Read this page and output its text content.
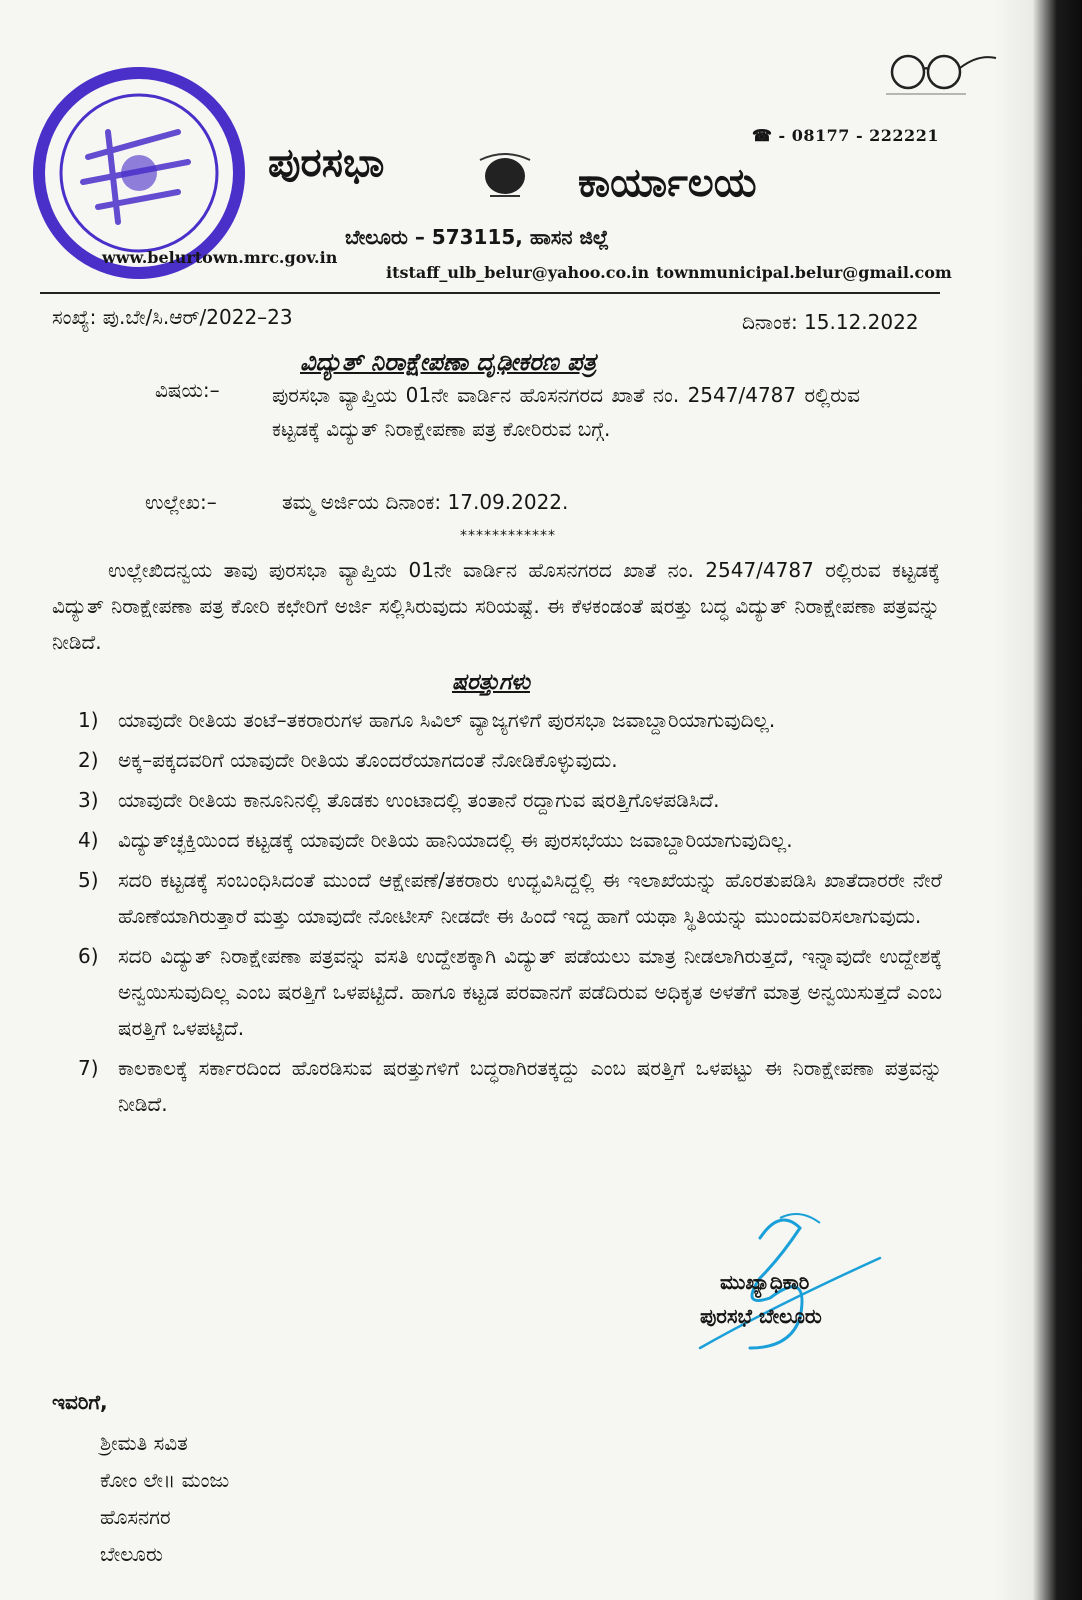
☎ - 08177 - 222221
ಪುರಸಭಾ	ಕಾರ್ಯಾಲಯ
ಬೇಲೂರು – 573115, ಹಾಸನ ಜಿಲ್ಲೆ
www.belurtown.mrc.gov.in
itstaff_ulb_belur@yahoo.co.in townmunicipal.belur@gmail.com
ಸಂಖ್ಯೆ: ಪು.ಬೇ/ಸಿ.ಆರ್/2022–23	ದಿನಾಂಕ: 15.12.2022
ವಿದ್ಯುತ್ ನಿರಾಕ್ಷೇಪಣಾ ದೃಢೀಕರಣ ಪತ್ರ
ವಿಷಯ:–	ಪುರಸಭಾ ವ್ಯಾಪ್ತಿಯ 01ನೇ ವಾರ್ಡಿನ ಹೊಸನಗರದ ಖಾತೆ ನಂ. 2547/4787 ರಲ್ಲಿರುವ ಕಟ್ಟಡಕ್ಕೆ ವಿದ್ಯುತ್ ನಿರಾಕ್ಷೇಪಣಾ ಪತ್ರ ಕೋರಿರುವ ಬಗ್ಗೆ.
ಉಲ್ಲೇಖ:–	ತಮ್ಮ ಅರ್ಜಿಯ ದಿನಾಂಕ: 17.09.2022.
************
ಉಲ್ಲೇಖಿದನ್ವಯ ತಾವು ಪುರಸಭಾ ವ್ಯಾಪ್ತಿಯ 01ನೇ ವಾರ್ಡಿನ ಹೊಸನಗರದ ಖಾತೆ ನಂ. 2547/4787 ರಲ್ಲಿರುವ ಕಟ್ಟಡಕ್ಕೆ ವಿದ್ಯುತ್ ನಿರಾಕ್ಷೇಪಣಾ ಪತ್ರ ಕೋರಿ ಕಛೇರಿಗೆ ಅರ್ಜಿ ಸಲ್ಲಿಸಿರುವುದು ಸರಿಯಷ್ಟೆ. ಈ ಕೆಳಕಂಡಂತೆ ಷರತ್ತು ಬದ್ಧ ವಿದ್ಯುತ್ ನಿರಾಕ್ಷೇಪಣಾ ಪತ್ರವನ್ನು ನೀಡಿದೆ.
ಷರತ್ತುಗಳು
1) ಯಾವುದೇ ರೀತಿಯ ತಂಟೆ–ತಕರಾರುಗಳ ಹಾಗೂ ಸಿವಿಲ್ ವ್ಯಾಜ್ಯಗಳಿಗೆ ಪುರಸಭಾ ಜವಾಬ್ದಾರಿಯಾಗುವುದಿಲ್ಲ.
2) ಅಕ್ಕ–ಪಕ್ಕದವರಿಗೆ ಯಾವುದೇ ರೀತಿಯ ತೊಂದರೆಯಾಗದಂತೆ ನೋಡಿಕೊಳ್ಳುವುದು.
3) ಯಾವುದೇ ರೀತಿಯ ಕಾನೂನಿನಲ್ಲಿ ತೊಡಕು ಉಂಟಾದಲ್ಲಿ ತಂತಾನೆ ರದ್ದಾಗುವ ಷರತ್ತಿಗೊಳಪಡಿಸಿದೆ.
4) ವಿದ್ಯುತ್‌ಚ್ಛಕ್ತಿಯಿಂದ ಕಟ್ಟಡಕ್ಕೆ ಯಾವುದೇ ರೀತಿಯ ಹಾನಿಯಾದಲ್ಲಿ ಈ ಪುರಸಭೆಯು ಜವಾಬ್ದಾರಿಯಾಗುವುದಿಲ್ಲ.
5) ಸದರಿ ಕಟ್ಟಡಕ್ಕೆ ಸಂಬಂಧಿಸಿದಂತೆ ಮುಂದೆ ಆಕ್ಷೇಪಣೆ/ತಕರಾರು ಉದ್ಭವಿಸಿದ್ದಲ್ಲಿ ಈ ಇಲಾಖೆಯನ್ನು ಹೊರತುಪಡಿಸಿ ಖಾತೆದಾರರೇ ನೇರೆ ಹೊಣೆಯಾಗಿರುತ್ತಾರೆ ಮತ್ತು ಯಾವುದೇ ನೋಟೀಸ್ ನೀಡದೇ ಈ ಹಿಂದೆ ಇದ್ದ ಹಾಗೆ ಯಥಾ ಸ್ಥಿತಿಯನ್ನು ಮುಂದುವರಿಸಲಾಗುವುದು.
6) ಸದರಿ ವಿದ್ಯುತ್ ನಿರಾಕ್ಷೇಪಣಾ ಪತ್ರವನ್ನು ವಸತಿ ಉದ್ದೇಶಕ್ಕಾಗಿ ವಿದ್ಯುತ್ ಪಡೆಯಲು ಮಾತ್ರ ನೀಡಲಾಗಿರುತ್ತದೆ, ಇನ್ನಾವುದೇ ಉದ್ದೇಶಕ್ಕೆ ಅನ್ವಯಿಸುವುದಿಲ್ಲ ಎಂಬ ಷರತ್ತಿಗೆ ಒಳಪಟ್ಟಿದೆ. ಹಾಗೂ ಕಟ್ಟಡ ಪರವಾನಗೆ ಪಡೆದಿರುವ ಅಧಿಕೃತ ಅಳತೆಗೆ ಮಾತ್ರ ಅನ್ವಯಿಸುತ್ತದೆ ಎಂಬ ಷರತ್ತಿಗೆ ಒಳಪಟ್ಟಿದೆ.
7) ಕಾಲಕಾಲಕ್ಕೆ ಸರ್ಕಾರದಿಂದ ಹೊರಡಿಸುವ ಷರತ್ತುಗಳಿಗೆ ಬದ್ಧರಾಗಿರತಕ್ಕದ್ದು ಎಂಬ ಷರತ್ತಿಗೆ ಒಳಪಟ್ಟು ಈ ನಿರಾಕ್ಷೇಪಣಾ ಪತ್ರವನ್ನು ನೀಡಿದೆ.
ಮುಖ್ಯಾಧಿಕಾರಿ
ಪುರಸಭೆ ಬೇಲೂರು
ಇವರಿಗೆ,
ಶ್ರೀಮತಿ ಸವಿತ
ಕೋಂ ಲೇ॥ ಮಂಜು
ಹೊಸನಗರ
ಬೇಲೂರು
